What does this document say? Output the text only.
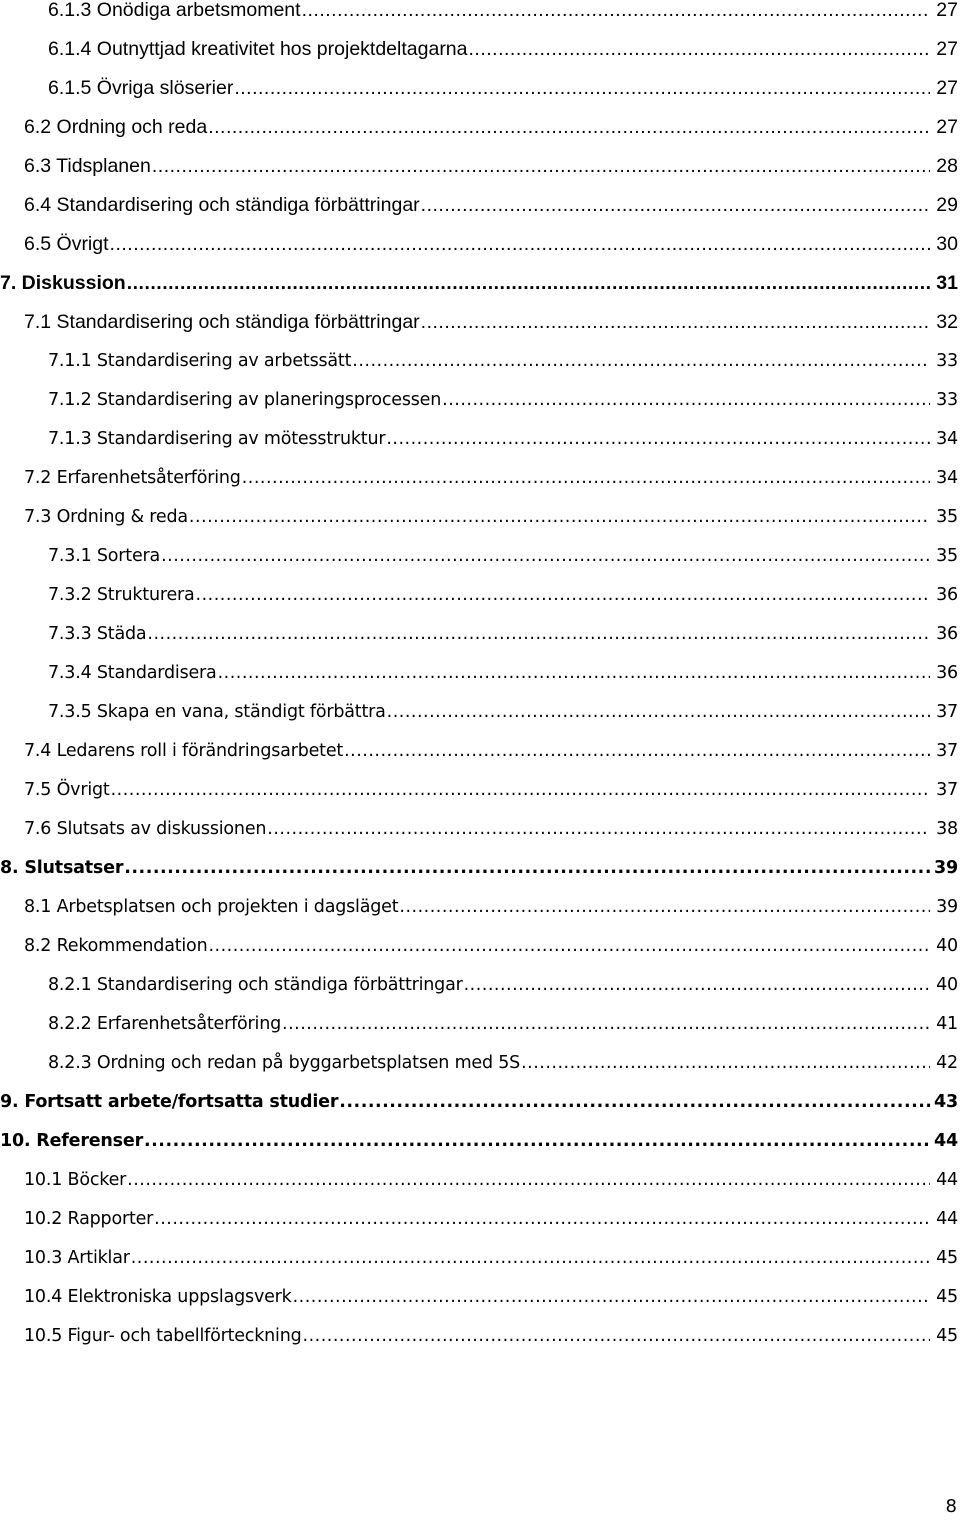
6.1.3 Onödiga arbetsmoment .....	27
6.1.4 Outnyttjad kreativitet hos projektdeltagarna .....	27
6.1.5 Övriga slöserier .....	27
6.2 Ordning och reda .....	27
6.3 Tidsplanen .....	28
6.4 Standardisering och ständiga förbättringar .....	29
6.5 Övrigt .....	30
7. Diskussion .....	31
7.1 Standardisering och ständiga förbättringar .....	32
7.1.1 Standardisering av arbetssätt .....	33
7.1.2 Standardisering av planeringsprocessen .....	33
7.1.3 Standardisering av mötesstruktur .....	34
7.2 Erfarenhetsåterföring .....	34
7.3 Ordning & reda .....	35
7.3.1 Sortera .....	35
7.3.2 Strukturera .....	36
7.3.3 Städa .....	36
7.3.4 Standardisera .....	36
7.3.5 Skapa en vana, ständigt förbättra .....	37
7.4 Ledarens roll i förändringsarbetet .....	37
7.5 Övrigt .....	37
7.6 Slutsats av diskussionen .....	38
8. Slutsatser .....	39
8.1 Arbetsplatsen och projekten i dagsläget .....	39
8.2 Rekommendation .....	40
8.2.1 Standardisering och ständiga förbättringar .....	40
8.2.2 Erfarenhetsåterföring .....	41
8.2.3 Ordning och redan på byggarbetsplatsen med 5S .....	42
9. Fortsatt arbete/fortsatta studier .....	43
10. Referenser .....	44
10.1 Böcker .....	44
10.2 Rapporter .....	44
10.3 Artiklar .....	45
10.4 Elektroniska uppslagsverk .....	45
10.5 Figur- och tabellförteckning .....	45
8
